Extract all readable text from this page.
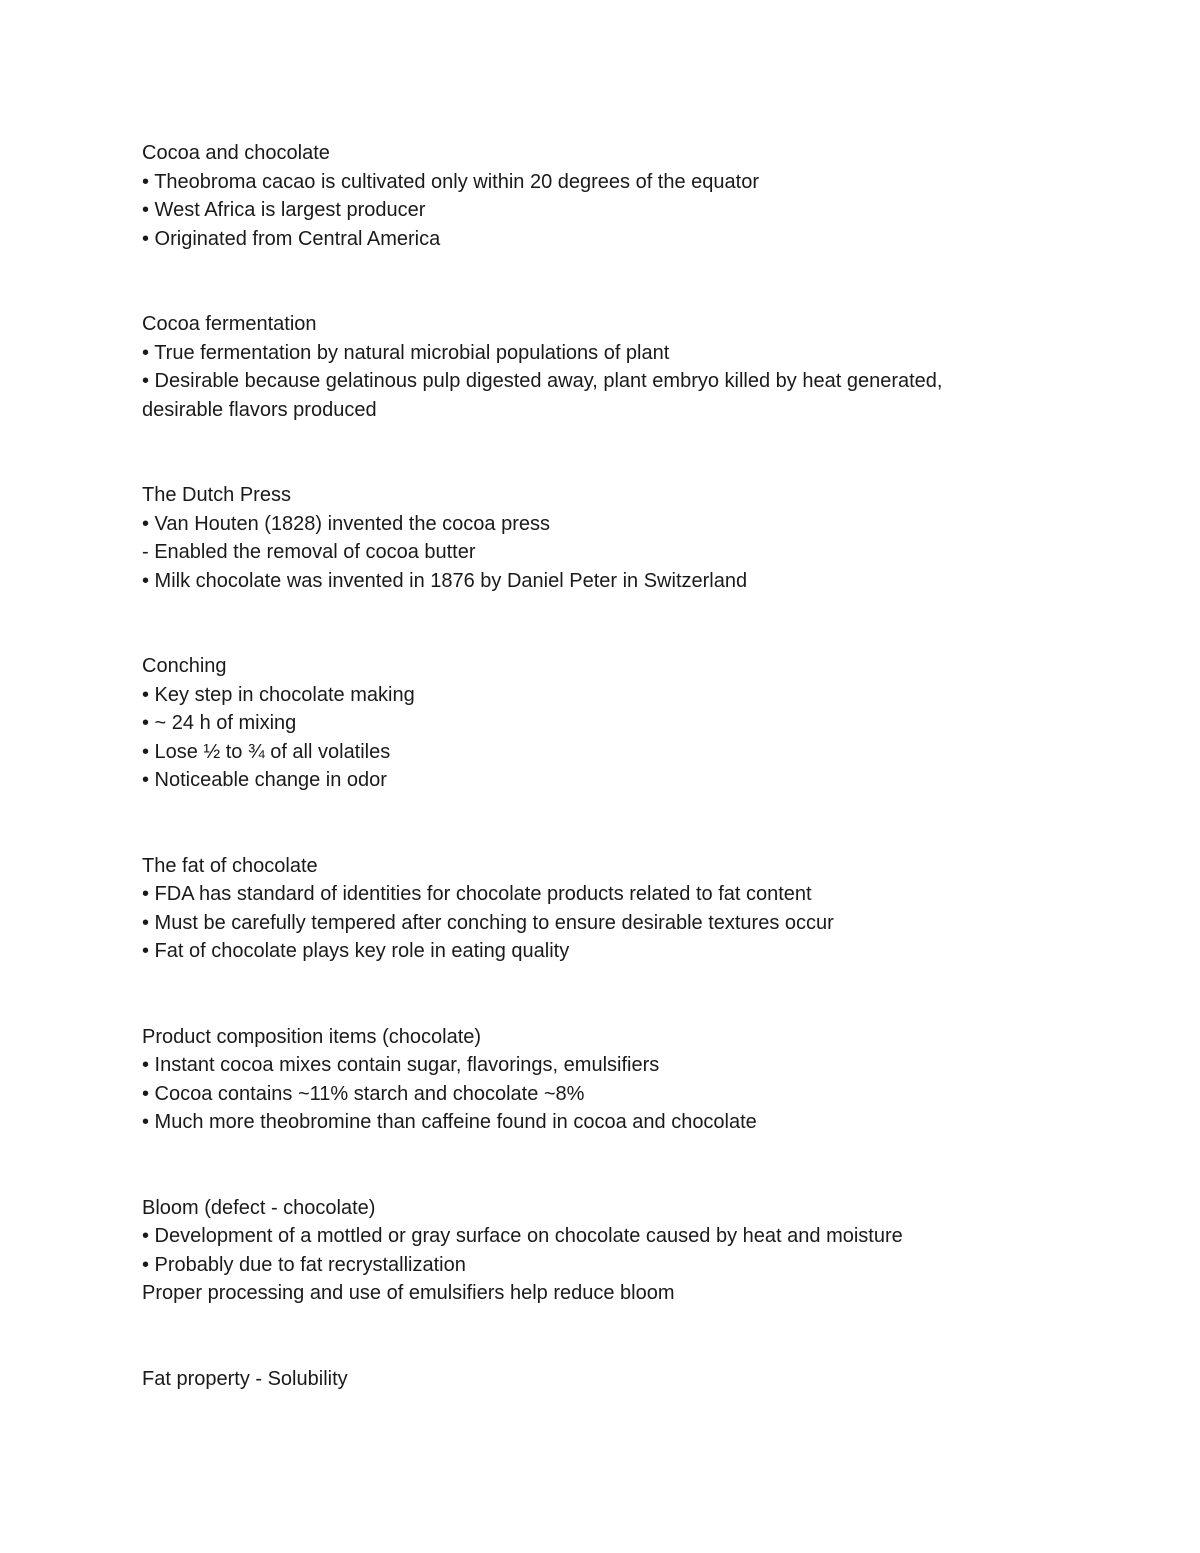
Cocoa and chocolate

• Theobroma cacao is cultivated only within 20 degrees of the equator

• West Africa is largest producer

• Originated from Central America

Cocoa fermentation

• True fermentation by natural microbial populations of plant

• Desirable because gelatinous pulp digested away, plant embryo killed by heat generated,

desirable flavors produced

The Dutch Press

• Van Houten (1828) invented the cocoa press

- Enabled the removal of cocoa butter

• Milk chocolate was invented in 1876 by Daniel Peter in Switzerland

Conching

• Key step in chocolate making

• ~ 24 h of mixing

• Lose ½ to ¾ of all volatiles

• Noticeable change in odor

The fat of chocolate

• FDA has standard of identities for chocolate products related to fat content

• Must be carefully tempered after conching to ensure desirable textures occur

• Fat of chocolate plays key role in eating quality

Product composition items (chocolate)

• Instant cocoa mixes contain sugar, flavorings, emulsifiers

• Cocoa contains ~11% starch and chocolate ~8%

• Much more theobromine than caffeine found in cocoa and chocolate

Bloom (defect - chocolate)

• Development of a mottled or gray surface on chocolate caused by heat and moisture

• Probably due to fat recrystallization

Proper processing and use of emulsifiers help reduce bloom

Fat property - Solubility
